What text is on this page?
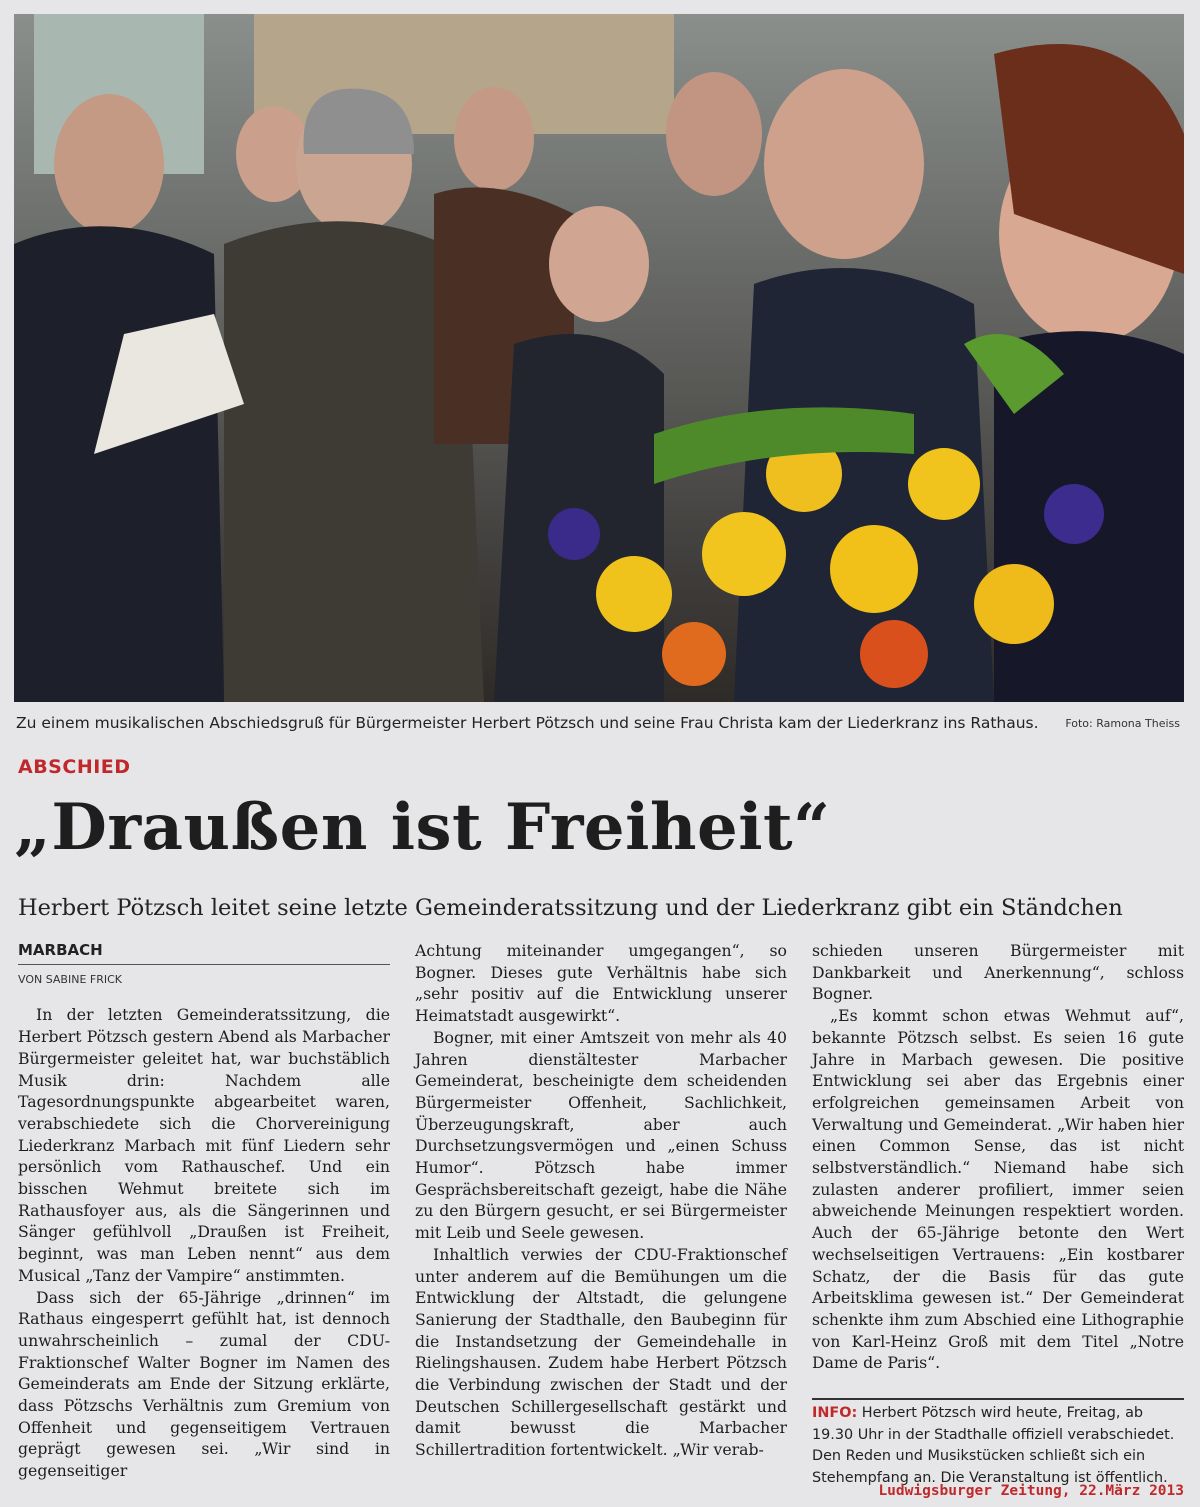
Zu einem musikalischen Abschiedsgruß für Bürgermeister Herbert Pötzsch und seine Frau Christa kam der Liederkranz ins Rathaus. Foto: Ramona Theiss
ABSCHIED
„Draußen ist Freiheit“
Herbert Pötzsch leitet seine letzte Gemeinderatssitzung und der Liederkranz gibt ein Ständchen
MARBACH
VON SABINE FRICK

In der letzten Gemeinderatssitzung, die Herbert Pötzsch gestern Abend als Marbacher Bürgermeister geleitet hat, war buchstäblich Musik drin: Nachdem alle Tagesordnungspunkte abgearbeitet waren, verabschiedete sich die Chorvereinigung Liederkranz Marbach mit fünf Liedern sehr persönlich vom Rathauschef. Und ein bisschen Wehmut breitete sich im Rathausfoyer aus, als die Sängerinnen und Sänger gefühlvoll „Draußen ist Freiheit, beginnt, was man Leben nennt“ aus dem Musical „Tanz der Vampire“ anstimmten.

Dass sich der 65-Jährige „drinnen“ im Rathaus eingesperrt gefühlt hat, ist dennoch unwahrscheinlich – zumal der CDU-Fraktionschef Walter Bogner im Namen des Gemeinderats am Ende der Sitzung erklärte, dass Pötzschs Verhältnis zum Gremium von Offenheit und gegenseitigem Vertrauen geprägt gewesen sei. „Wir sind in gegenseitiger

Achtung miteinander umgegangen“, so Bogner. Dieses gute Verhältnis habe sich „sehr positiv auf die Entwicklung unserer Heimatstadt ausgewirkt“.

Bogner, mit einer Amtszeit von mehr als 40 Jahren dienstältester Marbacher Gemeinderat, bescheinigte dem scheidenden Bürgermeister Offenheit, Sachlichkeit, Überzeugungskraft, aber auch Durchsetzungsvermögen und „einen Schuss Humor“. Pötzsch habe immer Gesprächsbereitschaft gezeigt, habe die Nähe zu den Bürgern gesucht, er sei Bürgermeister mit Leib und Seele gewesen.

Inhaltlich verwies der CDU-Fraktionschef unter anderem auf die Bemühungen um die Entwicklung der Altstadt, die gelungene Sanierung der Stadthalle, den Baubeginn für die Instandsetzung der Gemeindehalle in Rielingshausen. Zudem habe Herbert Pötzsch die Verbindung zwischen der Stadt und der Deutschen Schillergesellschaft gestärkt und damit bewusst die Marbacher Schillertradition fortentwickelt. „Wir verab-

schieden unseren Bürgermeister mit Dankbarkeit und Anerkennung“, schloss Bogner.

„Es kommt schon etwas Wehmut auf“, bekannte Pötzsch selbst. Es seien 16 gute Jahre in Marbach gewesen. Die positive Entwicklung sei aber das Ergebnis einer erfolgreichen gemeinsamen Arbeit von Verwaltung und Gemeinderat. „Wir haben hier einen Common Sense, das ist nicht selbstverständlich.“ Niemand habe sich zulasten anderer profiliert, immer seien abweichende Meinungen respektiert worden. Auch der 65-Jährige betonte den Wert wechselseitigen Vertrauens: „Ein kostbarer Schatz, der die Basis für das gute Arbeitsklima gewesen ist.“ Der Gemeinderat schenkte ihm zum Abschied eine Lithographie von Karl-Heinz Groß mit dem Titel „Notre Dame de Paris“.

INFO: Herbert Pötzsch wird heute, Freitag, ab 19.30 Uhr in der Stadthalle offiziell verabschiedet. Den Reden und Musikstücken schließt sich ein Stehempfang an. Die Veranstaltung ist öffentlich.
Ludwigsburger Zeitung, 22.März 2013
